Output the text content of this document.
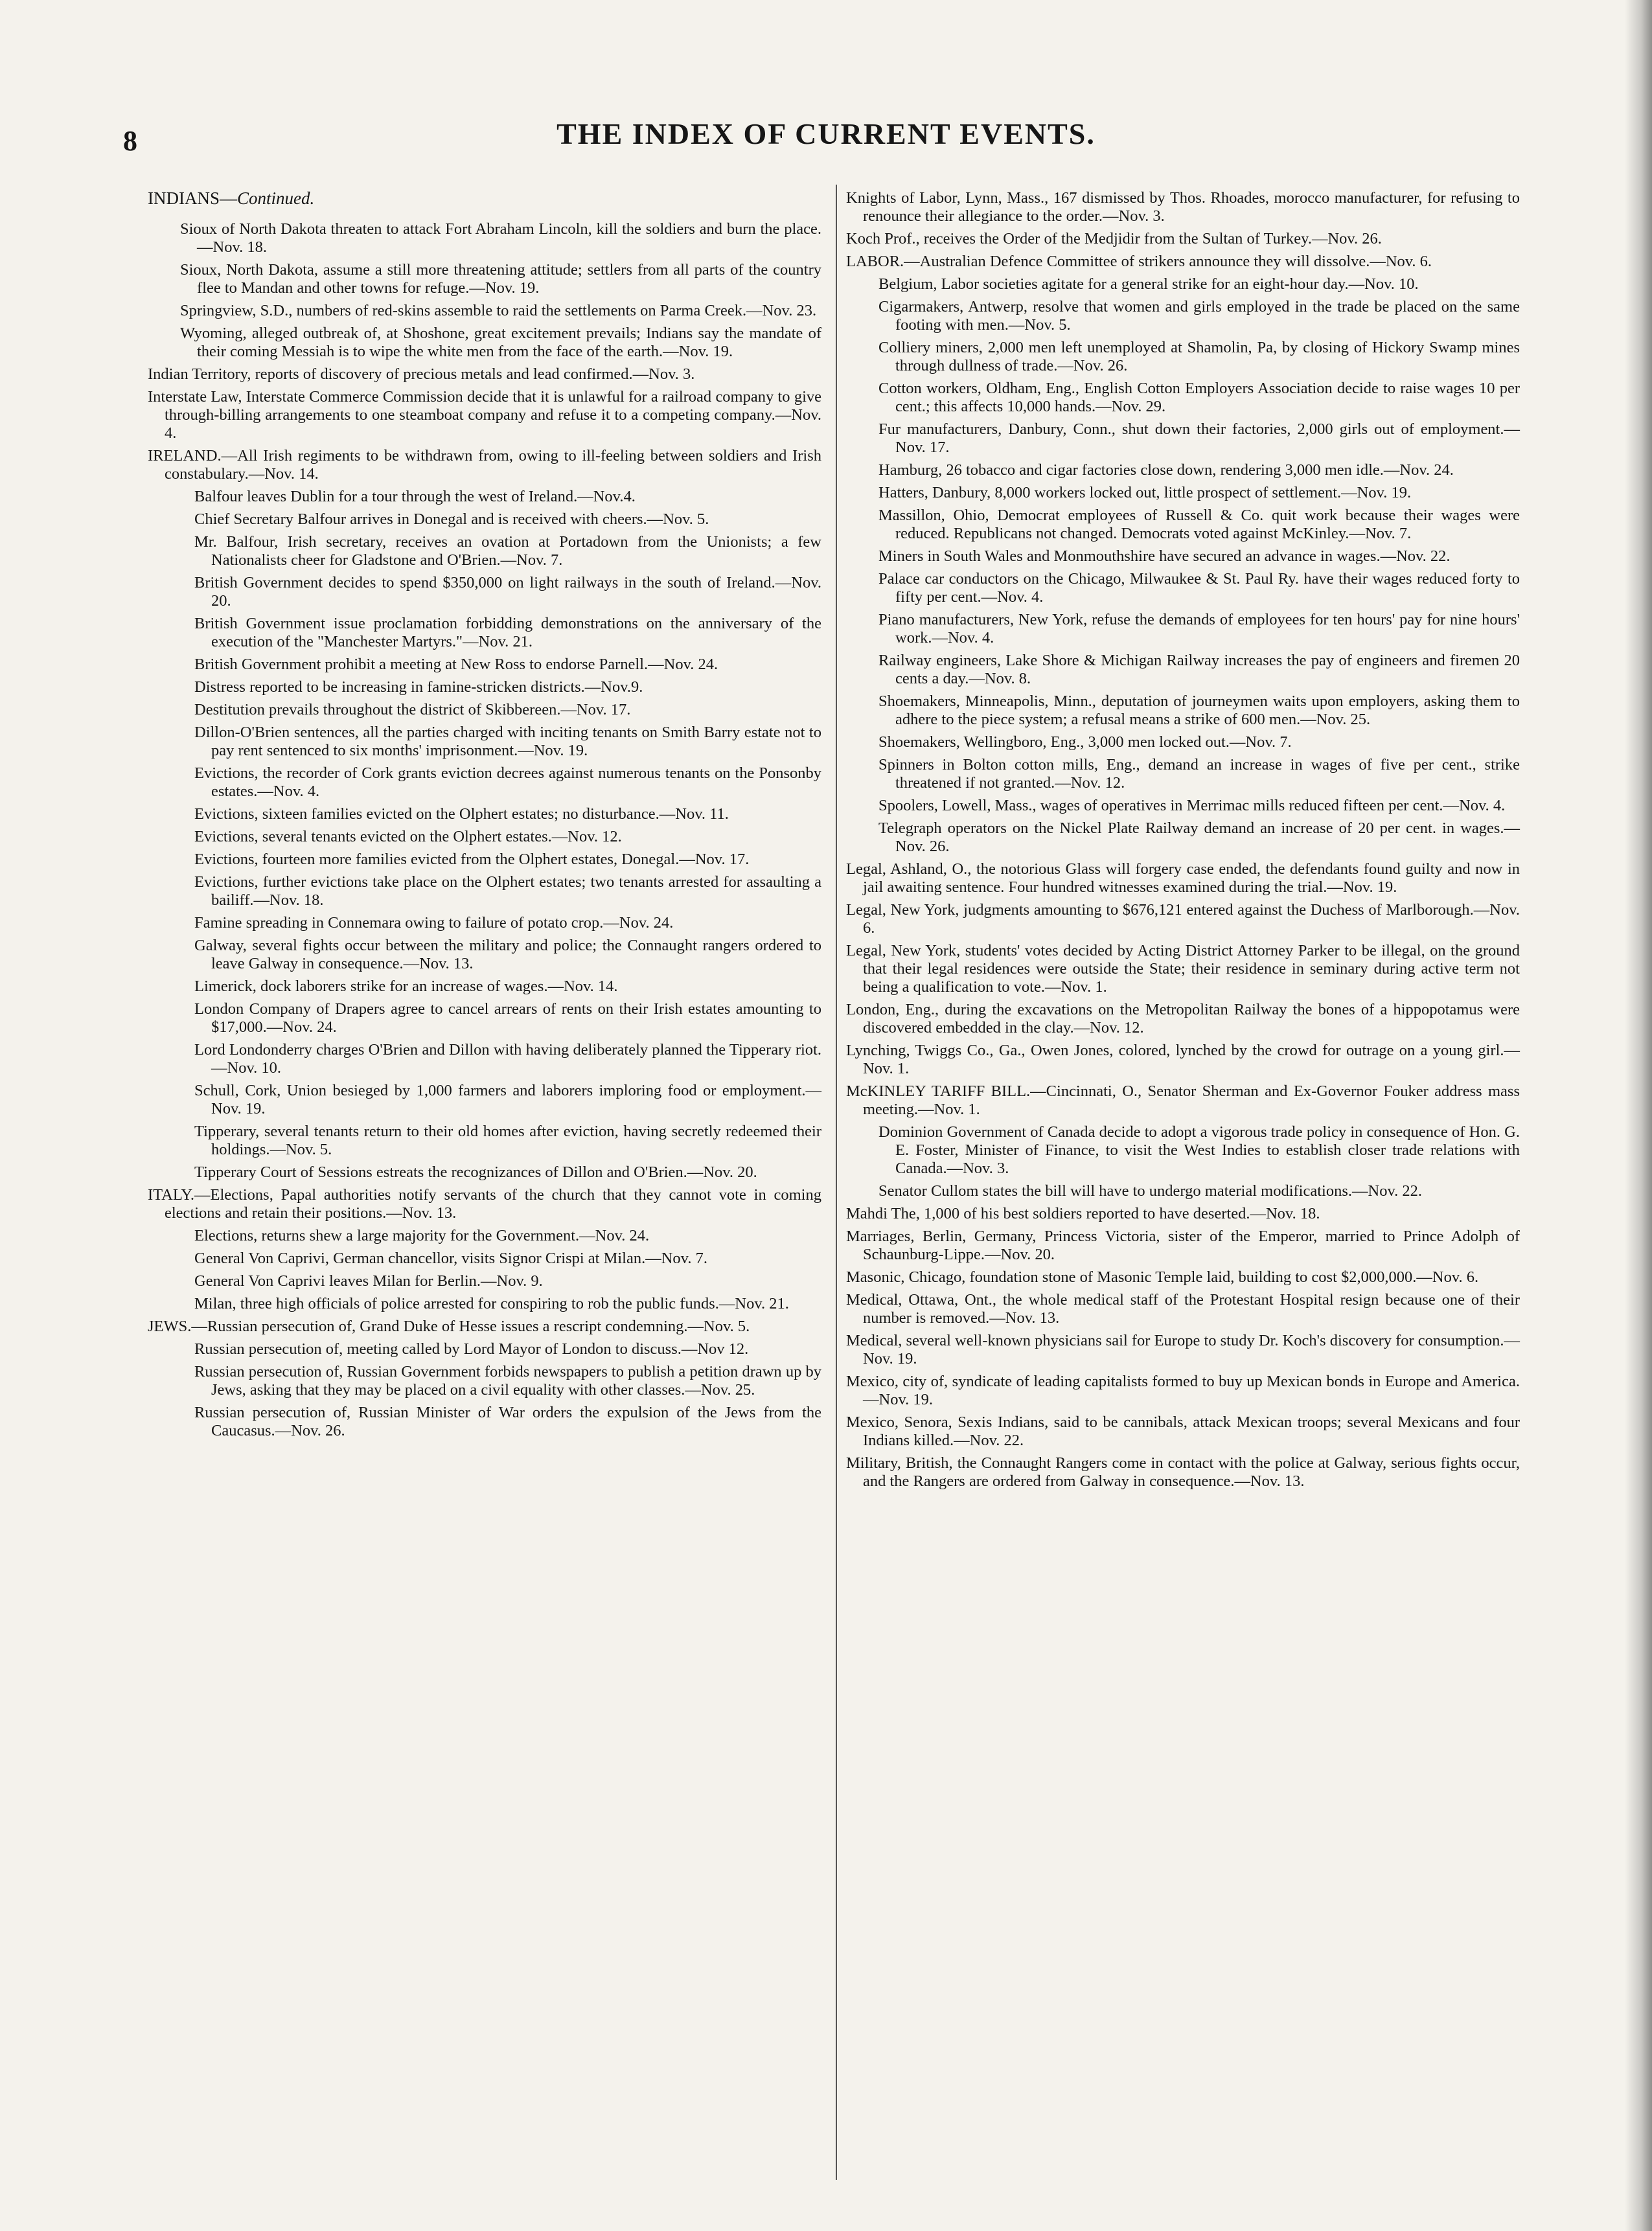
8	THE INDEX OF CURRENT EVENTS.
INDIANS—Continued.

Sioux of North Dakota threaten to attack Fort Abraham Lincoln, kill the soldiers and burn the place.—Nov. 18.

Sioux, North Dakota, assume a still more threatening attitude; settlers from all parts of the country flee to Mandan and other towns for refuge.—Nov. 19.

Springview, S.D., numbers of red-skins assemble to raid the settlements on Parma Creek.—Nov. 23.

Wyoming, alleged outbreak of, at Shoshone, great excitement prevails; Indians say the mandate of their coming Messiah is to wipe the white men from the face of the earth.—Nov. 19.

Indian Territory, reports of discovery of precious metals and lead confirmed.—Nov. 3.

Interstate Law, Interstate Commerce Commission decide that it is unlawful for a railroad company to give through-billing arrangements to one steamboat company and refuse it to a competing company.—Nov. 4.

IRELAND.—All Irish regiments to be withdrawn from, owing to ill-feeling between soldiers and Irish constabulary.—Nov. 14.

Balfour leaves Dublin for a tour through the west of Ireland.—Nov.4.

Chief Secretary Balfour arrives in Donegal and is received with cheers.—Nov. 5.

Mr. Balfour, Irish secretary, receives an ovation at Portadown from the Unionists; a few Nationalists cheer for Gladstone and O'Brien.—Nov. 7.

British Government decides to spend $350,000 on light railways in the south of Ireland.—Nov. 20.

British Government issue proclamation forbidding demonstrations on the anniversary of the execution of the "Manchester Martyrs."—Nov. 21.

British Government prohibit a meeting at New Ross to endorse Parnell.—Nov. 24.

Distress reported to be increasing in famine-stricken districts.—Nov.9.

Destitution prevails throughout the district of Skibbereen.—Nov. 17.

Dillon-O'Brien sentences, all the parties charged with inciting tenants on Smith Barry estate not to pay rent sentenced to six months' imprisonment.—Nov. 19.

Evictions, the recorder of Cork grants eviction decrees against numerous tenants on the Ponsonby estates.—Nov. 4.

Evictions, sixteen families evicted on the Olphert estates; no disturbance.—Nov. 11.

Evictions, several tenants evicted on the Olphert estates.—Nov. 12.

Evictions, fourteen more families evicted from the Olphert estates, Donegal.—Nov. 17.

Evictions, further evictions take place on the Olphert estates; two tenants arrested for assaulting a bailiff.—Nov. 18.

Famine spreading in Connemara owing to failure of potato crop.—Nov. 24.

Galway, several fights occur between the military and police; the Connaught rangers ordered to leave Galway in consequence.—Nov. 13.

Limerick, dock laborers strike for an increase of wages.—Nov. 14.

London Company of Drapers agree to cancel arrears of rents on their Irish estates amounting to $17,000.—Nov. 24.

Lord Londonderry charges O'Brien and Dillon with having deliberately planned the Tipperary riot.—Nov. 10.

Schull, Cork, Union besieged by 1,000 farmers and laborers imploring food or employment.—Nov. 19.

Tipperary, several tenants return to their old homes after eviction, having secretly redeemed their holdings.—Nov. 5.

Tipperary Court of Sessions estreats the recognizances of Dillon and O'Brien.—Nov. 20.

ITALY.—Elections, Papal authorities notify servants of the church that they cannot vote in coming elections and retain their positions.—Nov. 13.

Elections, returns shew a large majority for the Government.—Nov. 24.

General Von Caprivi, German chancellor, visits Signor Crispi at Milan.—Nov. 7.

General Von Caprivi leaves Milan for Berlin.—Nov. 9.

Milan, three high officials of police arrested for conspiring to rob the public funds.—Nov. 21.

JEWS.—Russian persecution of, Grand Duke of Hesse issues a rescript condemning.—Nov. 5.

Russian persecution of, meeting called by Lord Mayor of London to discuss.—Nov 12.

Russian persecution of, Russian Government forbids newspapers to publish a petition drawn up by Jews, asking that they may be placed on a civil equality with other classes.—Nov. 25.

Russian persecution of, Russian Minister of War orders the expulsion of the Jews from the Caucasus.—Nov. 26.

Knights of Labor, Lynn, Mass., 167 dismissed by Thos. Rhoades, morocco manufacturer, for refusing to renounce their allegiance to the order.—Nov. 3.

Koch Prof., receives the Order of the Medjidir from the Sultan of Turkey.—Nov. 26.

LABOR.—Australian Defence Committee of strikers announce they will dissolve.—Nov. 6.

Belgium, Labor societies agitate for a general strike for an eight-hour day.—Nov. 10.

Cigarmakers, Antwerp, resolve that women and girls employed in the trade be placed on the same footing with men.—Nov. 5.

Colliery miners, 2,000 men left unemployed at Shamolin, Pa, by closing of Hickory Swamp mines through dullness of trade.—Nov. 26.

Cotton workers, Oldham, Eng., English Cotton Employers Association decide to raise wages 10 per cent.; this affects 10,000 hands.—Nov. 29.

Fur manufacturers, Danbury, Conn., shut down their factories, 2,000 girls out of employment.—Nov. 17.

Hamburg, 26 tobacco and cigar factories close down, rendering 3,000 men idle.—Nov. 24.

Hatters, Danbury, 8,000 workers locked out, little prospect of settlement.—Nov. 19.

Massillon, Ohio, Democrat employees of Russell & Co. quit work because their wages were reduced. Republicans not changed. Democrats voted against McKinley.—Nov. 7.

Miners in South Wales and Monmouthshire have secured an advance in wages.—Nov. 22.

Palace car conductors on the Chicago, Milwaukee & St. Paul Ry. have their wages reduced forty to fifty per cent.—Nov. 4.

Piano manufacturers, New York, refuse the demands of employees for ten hours' pay for nine hours' work.—Nov. 4.

Railway engineers, Lake Shore & Michigan Railway increases the pay of engineers and firemen 20 cents a day.—Nov. 8.

Shoemakers, Minneapolis, Minn., deputation of journeymen waits upon employers, asking them to adhere to the piece system; a refusal means a strike of 600 men.—Nov. 25.

Shoemakers, Wellingboro, Eng., 3,000 men locked out.—Nov. 7.

Spinners in Bolton cotton mills, Eng., demand an increase in wages of five per cent., strike threatened if not granted.—Nov. 12.

Spoolers, Lowell, Mass., wages of operatives in Merrimac mills reduced fifteen per cent.—Nov. 4.

Telegraph operators on the Nickel Plate Railway demand an increase of 20 per cent. in wages.—Nov. 26.

Legal, Ashland, O., the notorious Glass will forgery case ended, the defendants found guilty and now in jail awaiting sentence. Four hundred witnesses examined during the trial.—Nov. 19.

Legal, New York, judgments amounting to $676,121 entered against the Duchess of Marlborough.—Nov. 6.

Legal, New York, students' votes decided by Acting District Attorney Parker to be illegal, on the ground that their legal residences were outside the State; their residence in seminary during active term not being a qualification to vote.—Nov. 1.

London, Eng., during the excavations on the Metropolitan Railway the bones of a hippopotamus were discovered embedded in the clay.—Nov. 12.

Lynching, Twiggs Co., Ga., Owen Jones, colored, lynched by the crowd for outrage on a young girl.—Nov. 1.

McKINLEY TARIFF BILL.—Cincinnati, O., Senator Sherman and Ex-Governor Fouker address mass meeting.—Nov. 1.

Dominion Government of Canada decide to adopt a vigorous trade policy in consequence of Hon. G. E. Foster, Minister of Finance, to visit the West Indies to establish closer trade relations with Canada.—Nov. 3.

Senator Cullom states the bill will have to undergo material modifications.—Nov. 22.

Mahdi The, 1,000 of his best soldiers reported to have deserted.—Nov. 18.

Marriages, Berlin, Germany, Princess Victoria, sister of the Emperor, married to Prince Adolph of Schaunburg-Lippe.—Nov. 20.

Masonic, Chicago, foundation stone of Masonic Temple laid, building to cost $2,000,000.—Nov. 6.

Medical, Ottawa, Ont., the whole medical staff of the Protestant Hospital resign because one of their number is removed.—Nov. 13.

Medical, several well-known physicians sail for Europe to study Dr. Koch's discovery for consumption.—Nov. 19.

Mexico, city of, syndicate of leading capitalists formed to buy up Mexican bonds in Europe and America.—Nov. 19.

Mexico, Senora, Sexis Indians, said to be cannibals, attack Mexican troops; several Mexicans and four Indians killed.—Nov. 22.

Military, British, the Connaught Rangers come in contact with the police at Galway, serious fights occur, and the Rangers are ordered from Galway in consequence.—Nov. 13.
